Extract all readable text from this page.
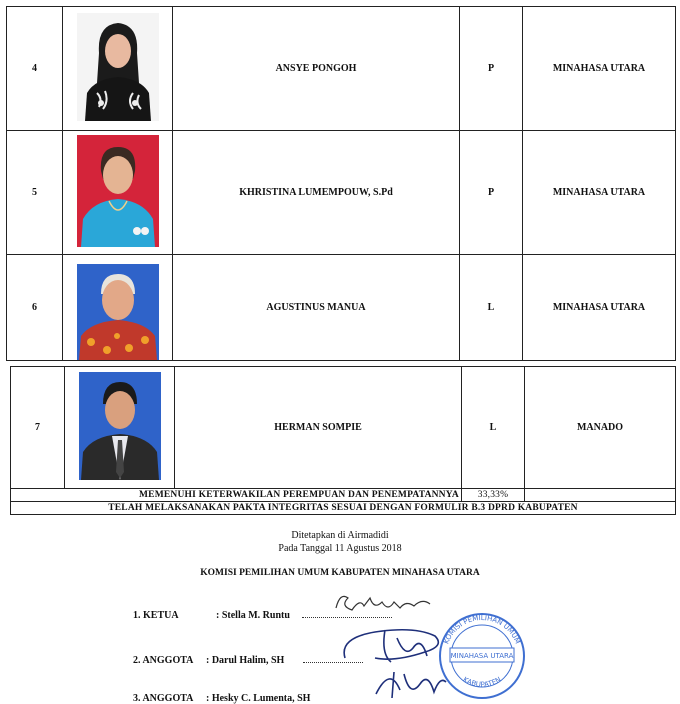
4		ANSYE PONGOH	P	MINAHASA UTARA
5		KHRISTINA LUMEMPOUW, S.Pd	P	MINAHASA UTARA
6		AGUSTINUS MANUA	L	MINAHASA UTARA
7		HERMAN SOMPIE	L	MANADO
MEMENUHI KETERWAKILAN PEREMPUAN DAN PENEMPATANNYA			33,33%	
TELAH MELAKSANAKAN PAKTA INTEGRITAS SESUAI DENGAN FORMULIR B.3 DPRD KABUPATEN				
Ditetapkan di Airmadidi
Pada Tanggal 11 Agustus 2018
KOMISI PEMILIHAN UMUM KABUPATEN MINAHASA UTARA
1. KETUA	: Stella M. Runtu
2. ANGGOTA : Darul Halim, SH
3. ANGGOTA : Hesky C. Lumenta, SH
KOMISI PEMILIHAN UMUM
MINAHASA UTARA
KABUPATEN
